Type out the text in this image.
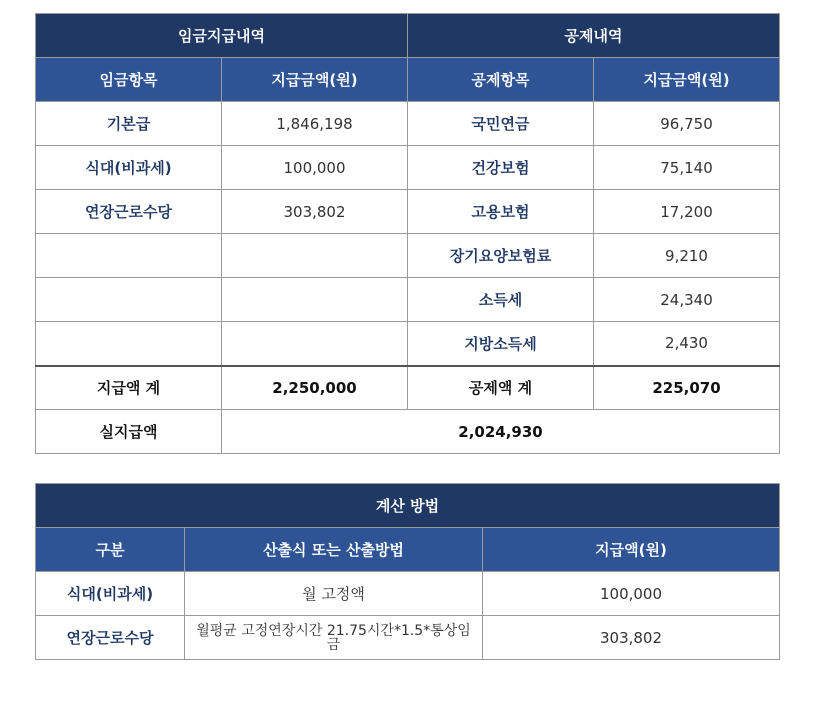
임금지급내역		공제내역	
임금항목	지급금액(원)	공제항목	지급금액(원)
기본급	1,846,198	국민연금	96,750
식대(비과세)	100,000	건강보험	75,140
연장근로수당	303,802	고용보험	17,200
		장기요양보험료	9,210
		소득세	24,340
		지방소득세	2,430
지급액 계	2,250,000	공제액 계	225,070
실지급액	2,024,930		
계산 방법		
구분	산출식 또는 산출방법	지급액(원)
식대(비과세)	월 고정액	100,000
연장근로수당	월평균 고정연장시간 21.75시간*1.5*통상임금	303,802
